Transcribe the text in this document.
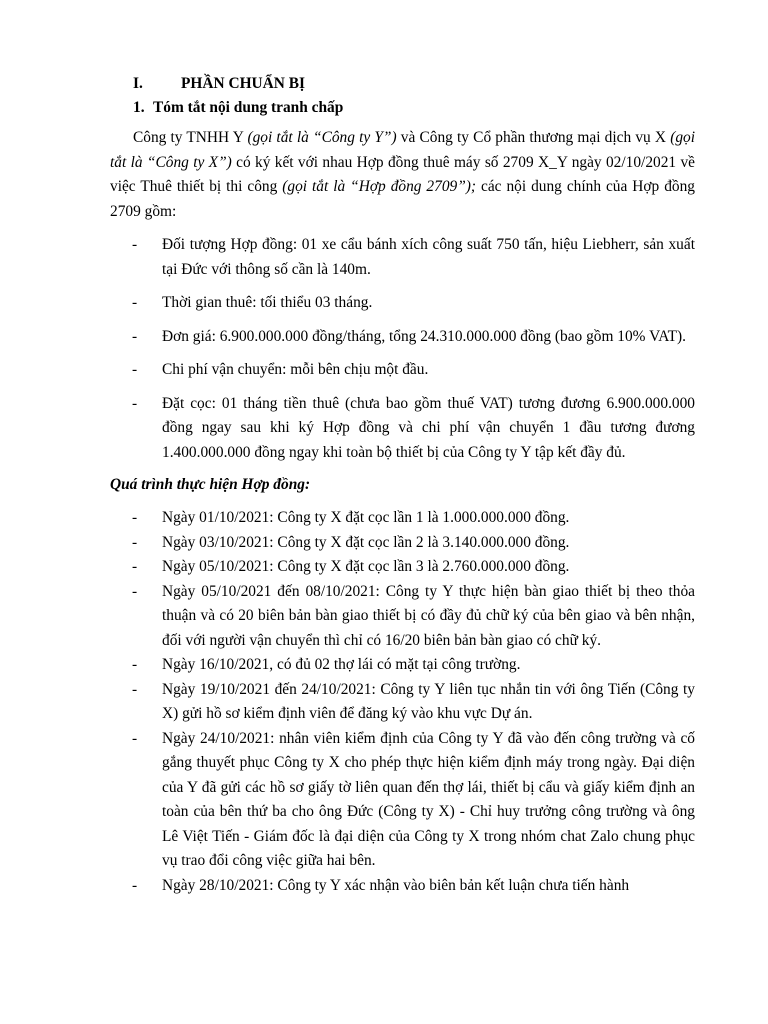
I.	PHẦN CHUẨN BỊ
1. Tóm tắt nội dung tranh chấp

Công ty TNHH Y (gọi tắt là “Công ty Y”) và Công ty Cổ phần thương mại dịch vụ X (gọi tắt là “Công ty X”) có ký kết với nhau Hợp đồng thuê máy số 2709 X_Y ngày 02/10/2021 về việc Thuê thiết bị thi công (gọi tắt là “Hợp đồng 2709”); các nội dung chính của Hợp đồng 2709 gồm:

- Đối tượng Hợp đồng: 01 xe cẩu bánh xích công suất 750 tấn, hiệu Liebherr, sản xuất tại Đức với thông số cần là 140m.
- Thời gian thuê: tối thiểu 03 tháng.
- Đơn giá: 6.900.000.000 đồng/tháng, tổng 24.310.000.000 đồng (bao gồm 10% VAT).
- Chi phí vận chuyển: mỗi bên chịu một đầu.
- Đặt cọc: 01 tháng tiền thuê (chưa bao gồm thuế VAT) tương đương 6.900.000.000 đồng ngay sau khi ký Hợp đồng và chi phí vận chuyển 1 đầu tương đương 1.400.000.000 đồng ngay khi toàn bộ thiết bị của Công ty Y tập kết đầy đủ.
Quá trình thực hiện Hợp đồng:
- Ngày 01/10/2021: Công ty X đặt cọc lần 1 là 1.000.000.000 đồng.
- Ngày 03/10/2021: Công ty X đặt cọc lần 2 là 3.140.000.000 đồng.
- Ngày 05/10/2021: Công ty X đặt cọc lần 3 là 2.760.000.000 đồng.
- Ngày 05/10/2021 đến 08/10/2021: Công ty Y thực hiện bàn giao thiết bị theo thỏa thuận và có 20 biên bản bàn giao thiết bị có đầy đủ chữ ký của bên giao và bên nhận, đối với người vận chuyển thì chỉ có 16/20 biên bản bàn giao có chữ ký.
- Ngày 16/10/2021, có đủ 02 thợ lái có mặt tại công trường.
- Ngày 19/10/2021 đến 24/10/2021: Công ty Y liên tục nhắn tin với ông Tiến (Công ty X) gửi hồ sơ kiểm định viên để đăng ký vào khu vực Dự án.
- Ngày 24/10/2021: nhân viên kiểm định của Công ty Y đã vào đến công trường và cố gắng thuyết phục Công ty X cho phép thực hiện kiểm định máy trong ngày. Đại diện của Y đã gửi các hồ sơ giấy tờ liên quan đến thợ lái, thiết bị cẩu và giấy kiểm định an toàn của bên thứ ba cho ông Đức (Công ty X) - Chỉ huy trưởng công trường và ông Lê Việt Tiến - Giám đốc là đại diện của Công ty X trong nhóm chat Zalo chung phục vụ trao đổi công việc giữa hai bên.
- Ngày 28/10/2021: Công ty Y xác nhận vào biên bản kết luận chưa tiến hành
